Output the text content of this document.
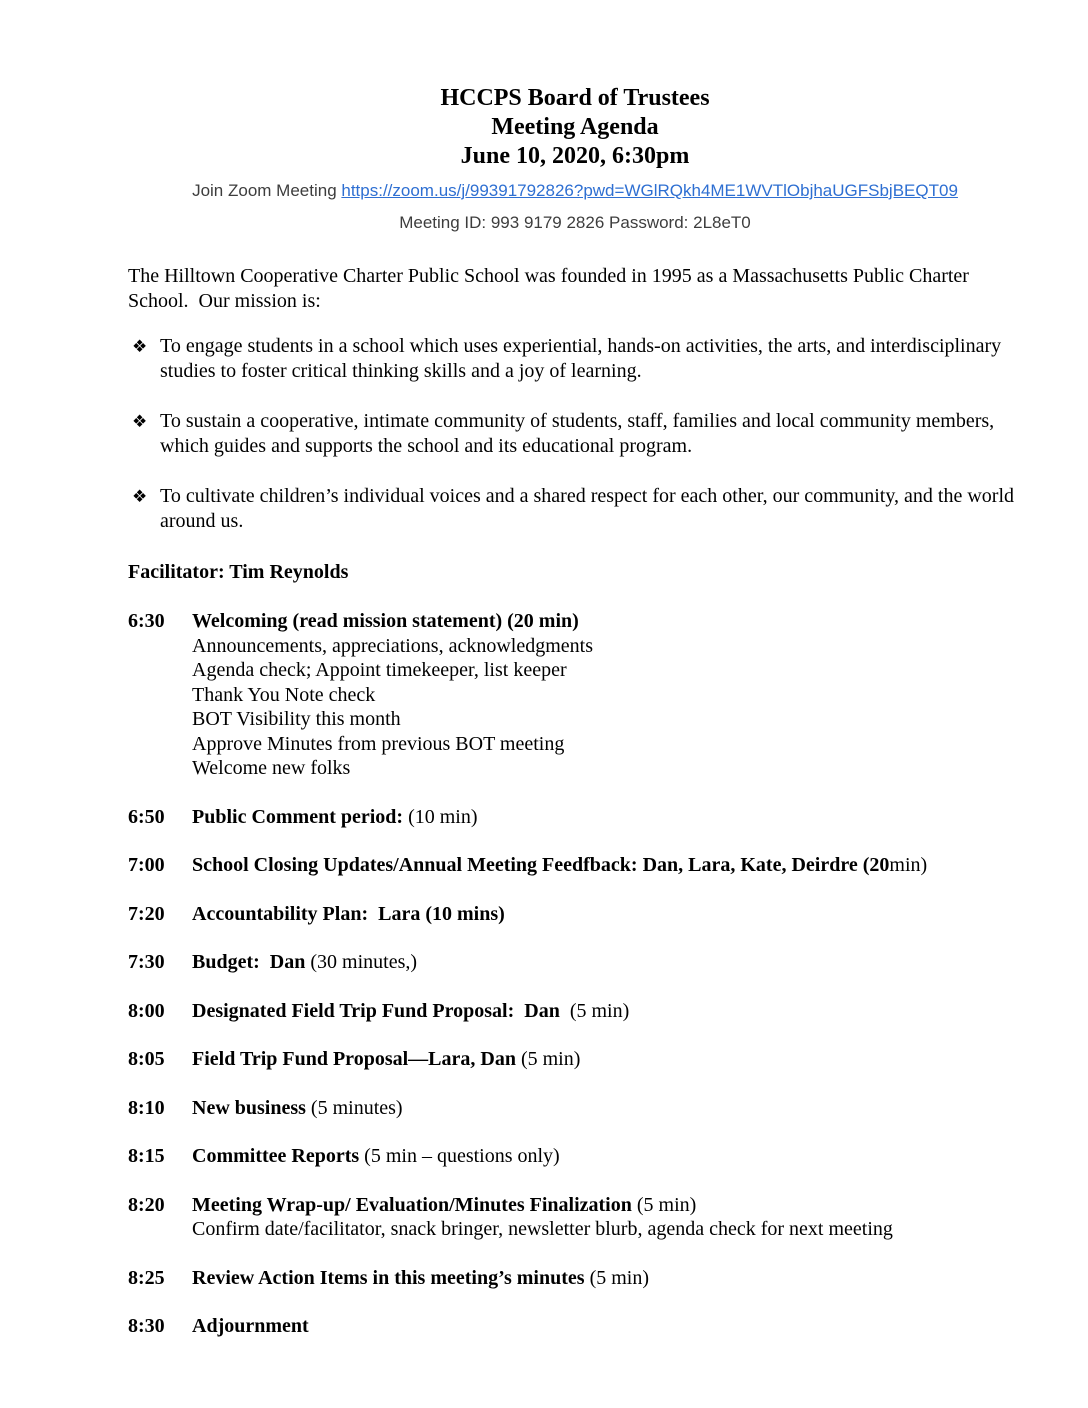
HCCPS Board of Trustees
Meeting Agenda
June 10, 2020, 6:30pm
Join Zoom Meeting https://zoom.us/j/99391792826?pwd=WGlRQkh4ME1WVTlObjhaUGFSbjBEQT09
Meeting ID: 993 9179 2826 Password: 2L8eT0

The Hilltown Cooperative Charter Public School was founded in 1995 as a Massachusetts Public Charter School.  Our mission is:

❖ To engage students in a school which uses experiential, hands-on activities, the arts, and interdisciplinary studies to foster critical thinking skills and a joy of learning.
❖ To sustain a cooperative, intimate community of students, staff, families and local community members, which guides and supports the school and its educational program.
❖ To cultivate children’s individual voices and a shared respect for each other, our community, and the world around us.
Facilitator: Tim Reynolds
6:30	Welcoming (read mission statement) (20 min)
Announcements, appreciations, acknowledgments
Agenda check; Appoint timekeeper, list keeper
Thank You Note check
BOT Visibility this month
Approve Minutes from previous BOT meeting
Welcome new folks
6:50	Public Comment period: (10 min)
7:00	School Closing Updates/Annual Meeting Feedfback: Dan, Lara, Kate, Deirdre (20min)
7:20	Accountability Plan:  Lara (10 mins)
7:30	Budget:  Dan (30 minutes,)
8:00	Designated Field Trip Fund Proposal:  Dan  (5 min)
8:05	Field Trip Fund Proposal—Lara, Dan (5 min)
8:10	New business (5 minutes)
8:15	Committee Reports (5 min – questions only)
8:20	Meeting Wrap-up/ Evaluation/Minutes Finalization (5 min)
Confirm date/facilitator, snack bringer, newsletter blurb, agenda check for next meeting
8:25	Review Action Items in this meeting’s minutes (5 min)
8:30	Adjournment
